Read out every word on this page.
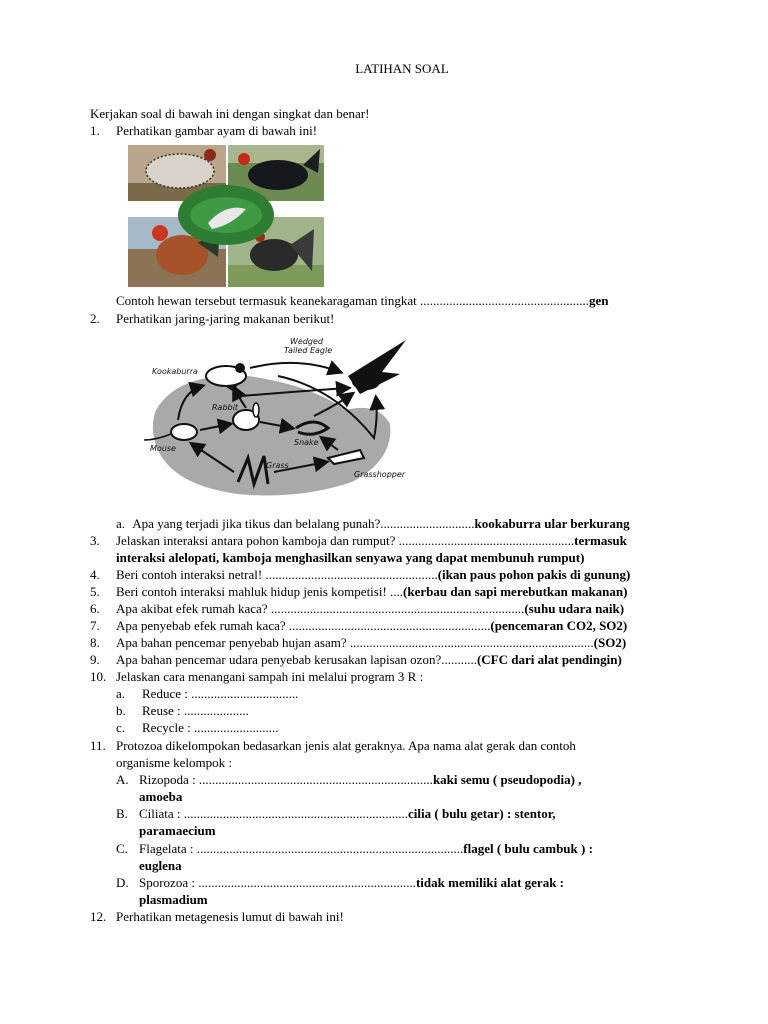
LATIHAN SOAL
Kerjakan soal di bawah ini dengan singkat dan benar!
1. Perhatikan gambar ayam di bawah ini!
Contoh hewan tersebut termasuk keanekaragaman tingkat ....................................................gen
2. Perhatikan jaring-jaring makanan berikut!
Kookaburra
Wedged
Tailed Eagle
Rabbit
Mouse
Snake
Grass
Grasshopper
a. Apa yang terjadi jika tikus dan belalang punah?.............................kookaburra ular berkurang
3. Jelaskan interaksi antara pohon kamboja dan rumput? ......................................................termasuk
interaksi alelopati, kamboja menghasilkan senyawa yang dapat membunuh rumput)
4. Beri contoh interaksi netral! .....................................................(ikan paus pohon pakis di gunung)
5. Beri contoh interaksi mahluk hidup jenis kompetisi! ....(kerbau dan sapi merebutkan makanan)
6. Apa akibat efek rumah kaca? ..............................................................................(suhu udara naik)
7. Apa penyebab efek rumah kaca? ..............................................................(pencemaran CO2, SO2)
8. Apa bahan pencemar penyebab hujan asam? ...........................................................................(SO2)
9. Apa bahan pencemar udara penyebab kerusakan lapisan ozon?...........(CFC dari alat pendingin)
10. Jelaskan cara menangani sampah ini melalui program 3 R :
a. Reduce : .................................
b. Reuse : ....................
c. Recycle : ..........................
11. Protozoa dikelompokan bedasarkan jenis alat geraknya. Apa nama alat gerak dan contoh
organisme kelompok :
A. Rizopoda : ........................................................................kaki semu ( pseudopodia) ,
amoeba
B. Ciliata : .....................................................................cilia ( bulu getar) : stentor,
paramaecium
C. Flagelata : ..................................................................................flagel ( bulu cambuk ) :
euglena
D. Sporozoa : ...................................................................tidak memiliki alat gerak :
plasmadium
12. Perhatikan metagenesis lumut di bawah ini!
